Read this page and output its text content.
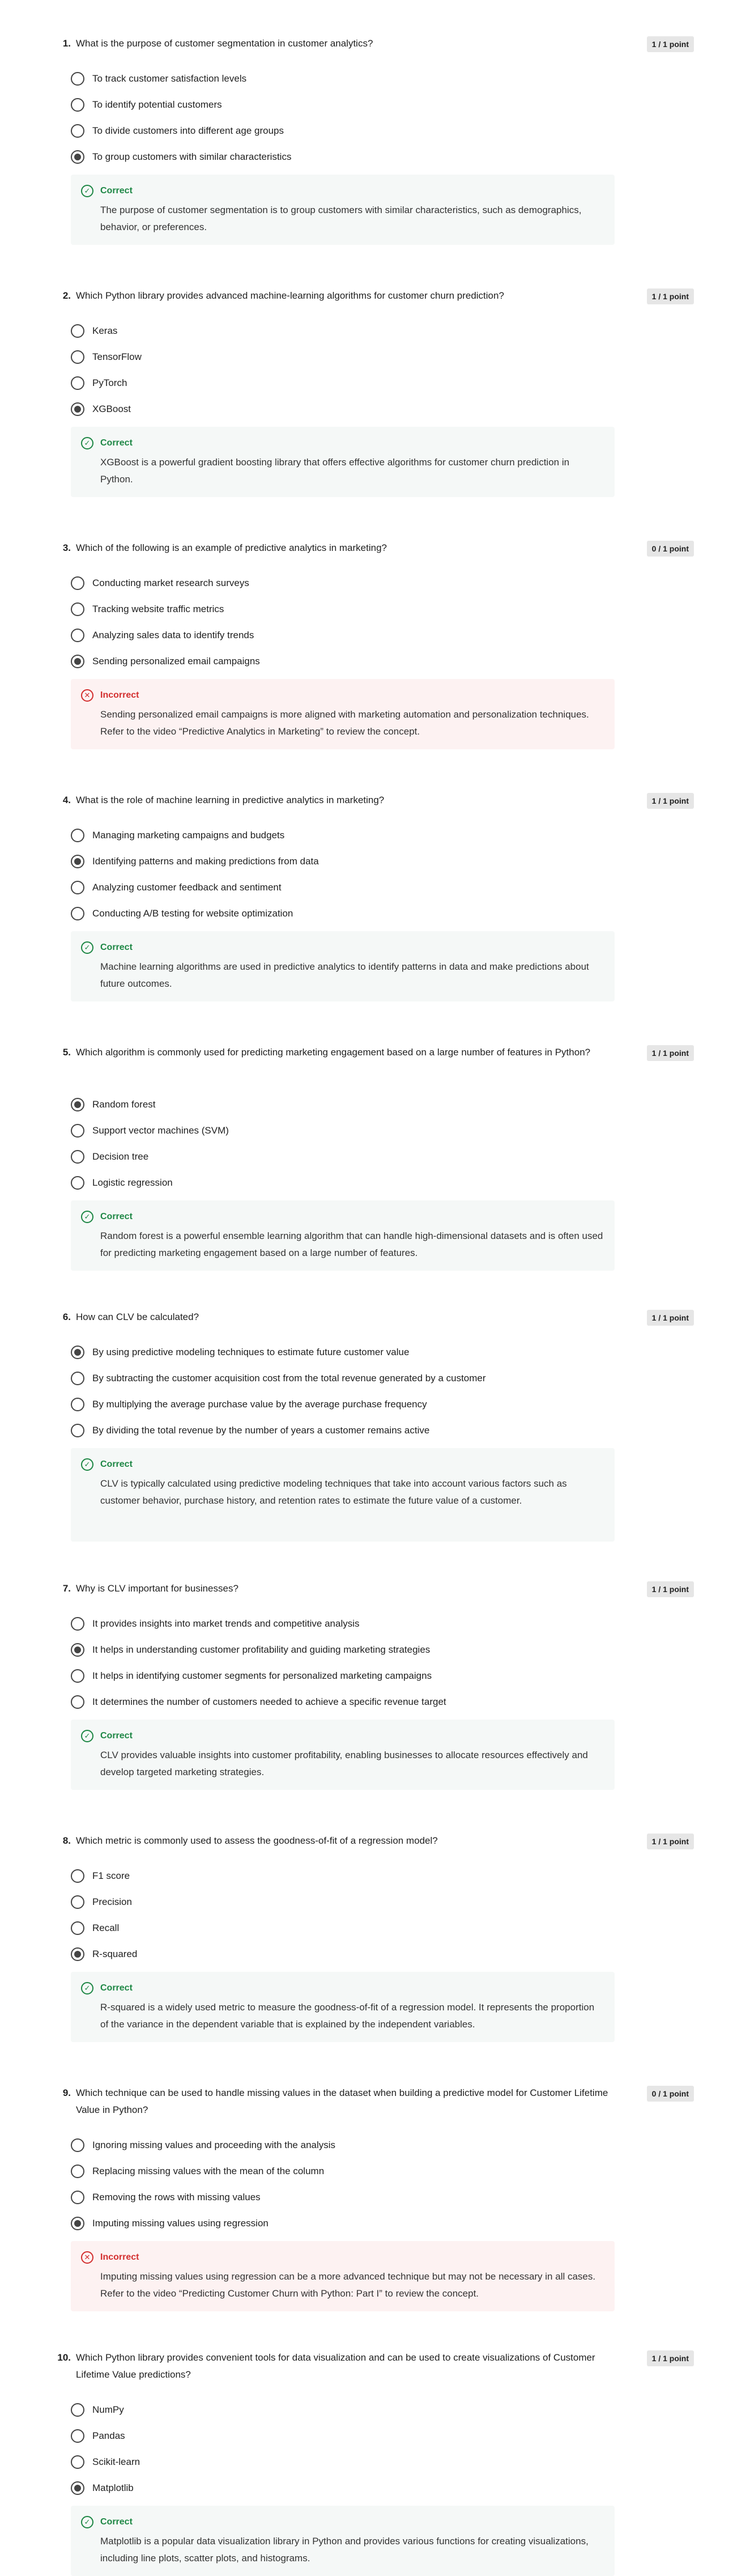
1. What is the purpose of customer segmentation in customer analytics?	1 / 1 point
To track customer satisfaction levels
To identify potential customers
To divide customers into different age groups
To group customers with similar characteristics
✓	Correct
The purpose of customer segmentation is to group customers with similar characteristics, such as demographics, behavior, or preferences.
2. Which Python library provides advanced machine-learning algorithms for customer churn prediction?	1 / 1 point
Keras
TensorFlow
PyTorch
XGBoost
✓	Correct
XGBoost is a powerful gradient boosting library that offers effective algorithms for customer churn prediction in Python.
3. Which of the following is an example of predictive analytics in marketing?	0 / 1 point
Conducting market research surveys
Tracking website traffic metrics
Analyzing sales data to identify trends
Sending personalized email campaigns
✕	Incorrect
Sending personalized email campaigns is more aligned with marketing automation and personalization techniques. Refer to the video “Predictive Analytics in Marketing” to review the concept.
4. What is the role of machine learning in predictive analytics in marketing?	1 / 1 point
Managing marketing campaigns and budgets
Identifying patterns and making predictions from data
Analyzing customer feedback and sentiment
Conducting A/B testing for website optimization
✓	Correct
Machine learning algorithms are used in predictive analytics to identify patterns in data and make predictions about future outcomes.
5. Which algorithm is commonly used for predicting marketing engagement based on a large number of features in Python?	1 / 1 point
Random forest
Support vector machines (SVM)
Decision tree
Logistic regression
✓	Correct
Random forest is a powerful ensemble learning algorithm that can handle high-dimensional datasets and is often used for predicting marketing engagement based on a large number of features.
6. How can CLV be calculated?	1 / 1 point
By using predictive modeling techniques to estimate future customer value
By subtracting the customer acquisition cost from the total revenue generated by a customer
By multiplying the average purchase value by the average purchase frequency
By dividing the total revenue by the number of years a customer remains active
✓	Correct
CLV is typically calculated using predictive modeling techniques that take into account various factors such as customer behavior, purchase history, and retention rates to estimate the future value of a customer.
7. Why is CLV important for businesses?	1 / 1 point
It provides insights into market trends and competitive analysis
It helps in understanding customer profitability and guiding marketing strategies
It helps in identifying customer segments for personalized marketing campaigns
It determines the number of customers needed to achieve a specific revenue target
✓	Correct
CLV provides valuable insights into customer profitability, enabling businesses to allocate resources effectively and develop targeted marketing strategies.
8. Which metric is commonly used to assess the goodness-of-fit of a regression model?	1 / 1 point
F1 score
Precision
Recall
R-squared
✓	Correct
R-squared is a widely used metric to measure the goodness-of-fit of a regression model. It represents the proportion of the variance in the dependent variable that is explained by the independent variables.
9. Which technique can be used to handle missing values in the dataset when building a predictive model for Customer Lifetime Value in Python?
0 / 1 point
Ignoring missing values and proceeding with the analysis
Replacing missing values with the mean of the column
Removing the rows with missing values
Imputing missing values using regression
✕	Incorrect
Imputing missing values using regression can be a more advanced technique but may not be necessary in all cases. Refer to the video “Predicting Customer Churn with Python: Part I” to review the concept.
10. Which Python library provides convenient tools for data visualization and can be used to create visualizations of Customer Lifetime Value predictions?
1 / 1 point
NumPy
Pandas
Scikit-learn
Matplotlib
✓	Correct
Matplotlib is a popular data visualization library in Python and provides various functions for creating visualizations, including line plots, scatter plots, and histograms.
